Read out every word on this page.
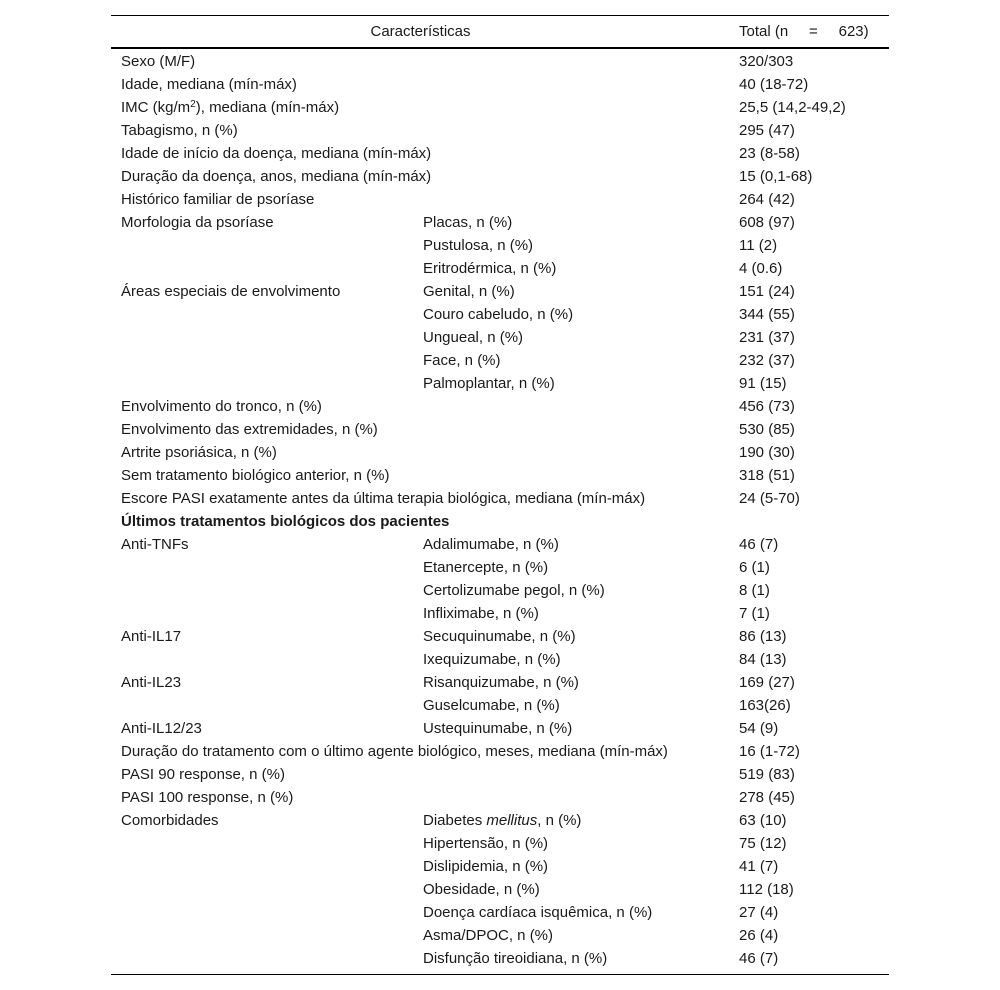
Características	Total (n     =     623)
Sexo (M/F)	320/303
Idade, mediana (mín-máx)	40 (18-72)
IMC $(kg/m^2)$, mediana (mín-máx)	25,5 (14,2-49,2)
Tabagismo, n (%)	295 (47)
Idade de início da doença, mediana (mín-máx)	23 (8-58)
Duração da doença, anos, mediana (mín-máx)	15 (0,1-68)
Histórico familiar de psoríase	264 (42)
Morfologia da psoríase	Placas, n (%)	608 (97)
Pustulosa, n (%)	11 (2)
Eritrodérmica, n (%)	4 (0.6)
Áreas especiais de envolvimento	Genital, n (%)	151 (24)
Couro cabeludo, n (%)	344 (55)
Ungueal, n (%)	231 (37)
Face, n (%)	232 (37)
Palmoplantar, n (%)	91 (15)
Envolvimento do tronco, n (%)	456 (73)
Envolvimento das extremidades, n (%)	530 (85)
Artrite psoriásica, n (%)	190 (30)
Sem tratamento biológico anterior, n (%)	318 (51)
Escore PASI exatamente antes da última terapia biológica, mediana (mín-máx)	24 (5-70)
Últimos tratamentos biológicos dos pacientes
Anti-TNFs	Adalimumabe, n (%)	46 (7)
Etanercepte, n (%)	6 (1)
Certolizumabe pegol, n (%)	8 (1)
Infliximabe, n (%)	7 (1)
Anti-IL17	Secuquinumabe, n (%)	86 (13)
Ixequizumabe, n (%)	84 (13)
Anti-IL23	Risanquizumabe, n (%)	169 (27)
Guselcumabe, n (%)	163(26)
Anti-IL12/23	Ustequinumabe, n (%)	54 (9)
Duração do tratamento com o último agente biológico, meses, mediana (mín-máx)	16 (1-72)
PASI 90 response, n (%)	519 (83)
PASI 100 response, n (%)	278 (45)
Comorbidades	Diabetes mellitus, n (%)	63 (10)
Hipertensão, n (%)	75 (12)
Dislipidemia, n (%)	41 (7)
Obesidade, n (%)	112 (18)
Doença cardíaca isquêmica, n (%)	27 (4)
Asma/DPOC, n (%)	26 (4)
Disfunção tireoidiana, n (%)	46 (7)
